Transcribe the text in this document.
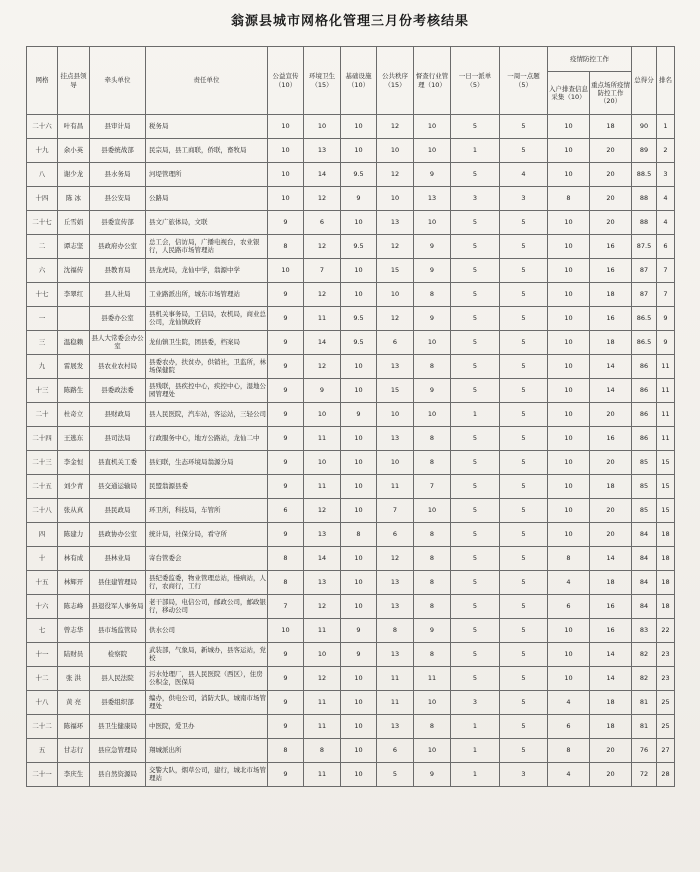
翁源县城市网格化管理三月份考核结果
网格	挂点县领导	牵头单位	责任单位	公益宣传（10）	环境卫生（15）	基础设施（10）	公共秩序（15）	督查行业管理（10）	一日一派单（5）	一周一点题（5）	疫情防控工作		总得分	排名
											入户排查信息采集（10）	重点场所疫情防控工作（20）		
二十六	叶有昌	县审计局	税务局	10	10	10	12	10	5	5	10	18	90	1
十九	余小英	县委统战部	民宗局，县工商联，侨联，畜牧局	10	13	10	10	10	1	5	10	20	89	2
八	谢少龙	县水务局	河堤管理所	10	14	9.5	12	9	5	4	10	20	88.5	3
十四	陈 冰	县公安局	公路局	10	12	9	10	13	3	3	8	20	88	4
二十七	丘雪娟	县委宣传部	县文广旅体局，文联	9	6	10	13	10	5	5	10	20	88	4
二	谭志坚	县政府办公室	总工会，信访局，广播电视台，农业银行，人民路市场管理站	8	12	9.5	12	9	5	5	10	16	87.5	6
六	沈福传	县教育局	县龙虎局，龙仙中学，翁源中学	10	7	10	15	9	5	5	10	16	87	7
十七	李翠红	县人社局	工业路派出所，城东市场管理站	9	12	10	10	8	5	5	10	18	87	7
一		县委办公室	县机关事务局，工信局，农机局，商业总公司，龙仙镇政府	9	11	9.5	12	9	5	5	10	16	86.5	9
三	温稳赖	县人大常委会办公室	龙仙镇卫生院，团县委，档案局	9	14	9.5	6	10	5	5	10	18	86.5	9
九	雷展发	县农业农村局	县委农办，扶贫办，供销社，卫监所，林场保健院	9	12	10	13	8	5	5	10	14	86	11
十三	陈路生	县委政法委	县残联，县疾控中心，疾控中心，湿地公园管理处	9	9	10	15	9	5	5	10	14	86	11
二十	杜奇立	县财政局	县人民医院，汽车站，客运站，三轻公司	9	10	9	10	10	1	5	10	20	86	11
二十四	王逃东	县司法局	行政服务中心，地方公路站，龙仙二中	9	11	10	13	8	5	5	10	16	86	11
二十三	李金恒	县直机关工委	县妇联，生态环境局翁源分局	9	10	10	10	8	5	5	10	20	85	15
二十五	刘少青	县交通运输局	民盟翁源县委	9	11	10	11	7	5	5	10	18	85	15
二十八	张从真	县民政局	环卫所，科技局，车管所	6	12	10	7	10	5	5	10	20	85	15
四	陈建力	县政协办公室	统计局，社保分局，看守所	9	13	8	6	8	5	5	10	20	84	18
十	林有成	县林业局	寄台管委会	8	14	10	12	8	5	5	8	14	84	18
十五	林辉开	县住建管理局	县纪委监委，物业管理总站，慢病站，人行，农商行，工行	8	13	10	13	8	5	5	4	18	84	18
十六	陈志峰	县退役军人事务局	老干部局，电信公司，邮政公司，邮政银行，移动公司	7	12	10	13	8	5	5	6	16	84	18
七	曾志华	县市场监管局	供水公司	10	11	9	8	9	5	5	10	16	83	22
十一	陆财员	检察院	武装部，气象局，新城办，县客运站，党校	9	10	9	13	8	5	5	10	14	82	23
十二	张 洪	县人民法院	污水处理厂，县人民医院（西区），住房公积金，医保局	9	12	10	11	11	5	5	10	14	82	23
十八	黄 亮	县委组织部	编办，供电公司，消防大队，城南市场管理处	9	11	10	11	10	3	5	4	18	81	25
二十二	陈福环	县卫生健康局	中医院，爱卫办	9	11	10	13	8	1	5	6	18	81	25
五	甘志行	县应急管理局	翔城派出所	8	8	10	6	10	1	5	8	20	76	27
二十一	李庆生	县自然资源局	交警大队，烟草公司，建行，城北市场管理站	9	11	10	5	9	1	3	4	20	72	28
